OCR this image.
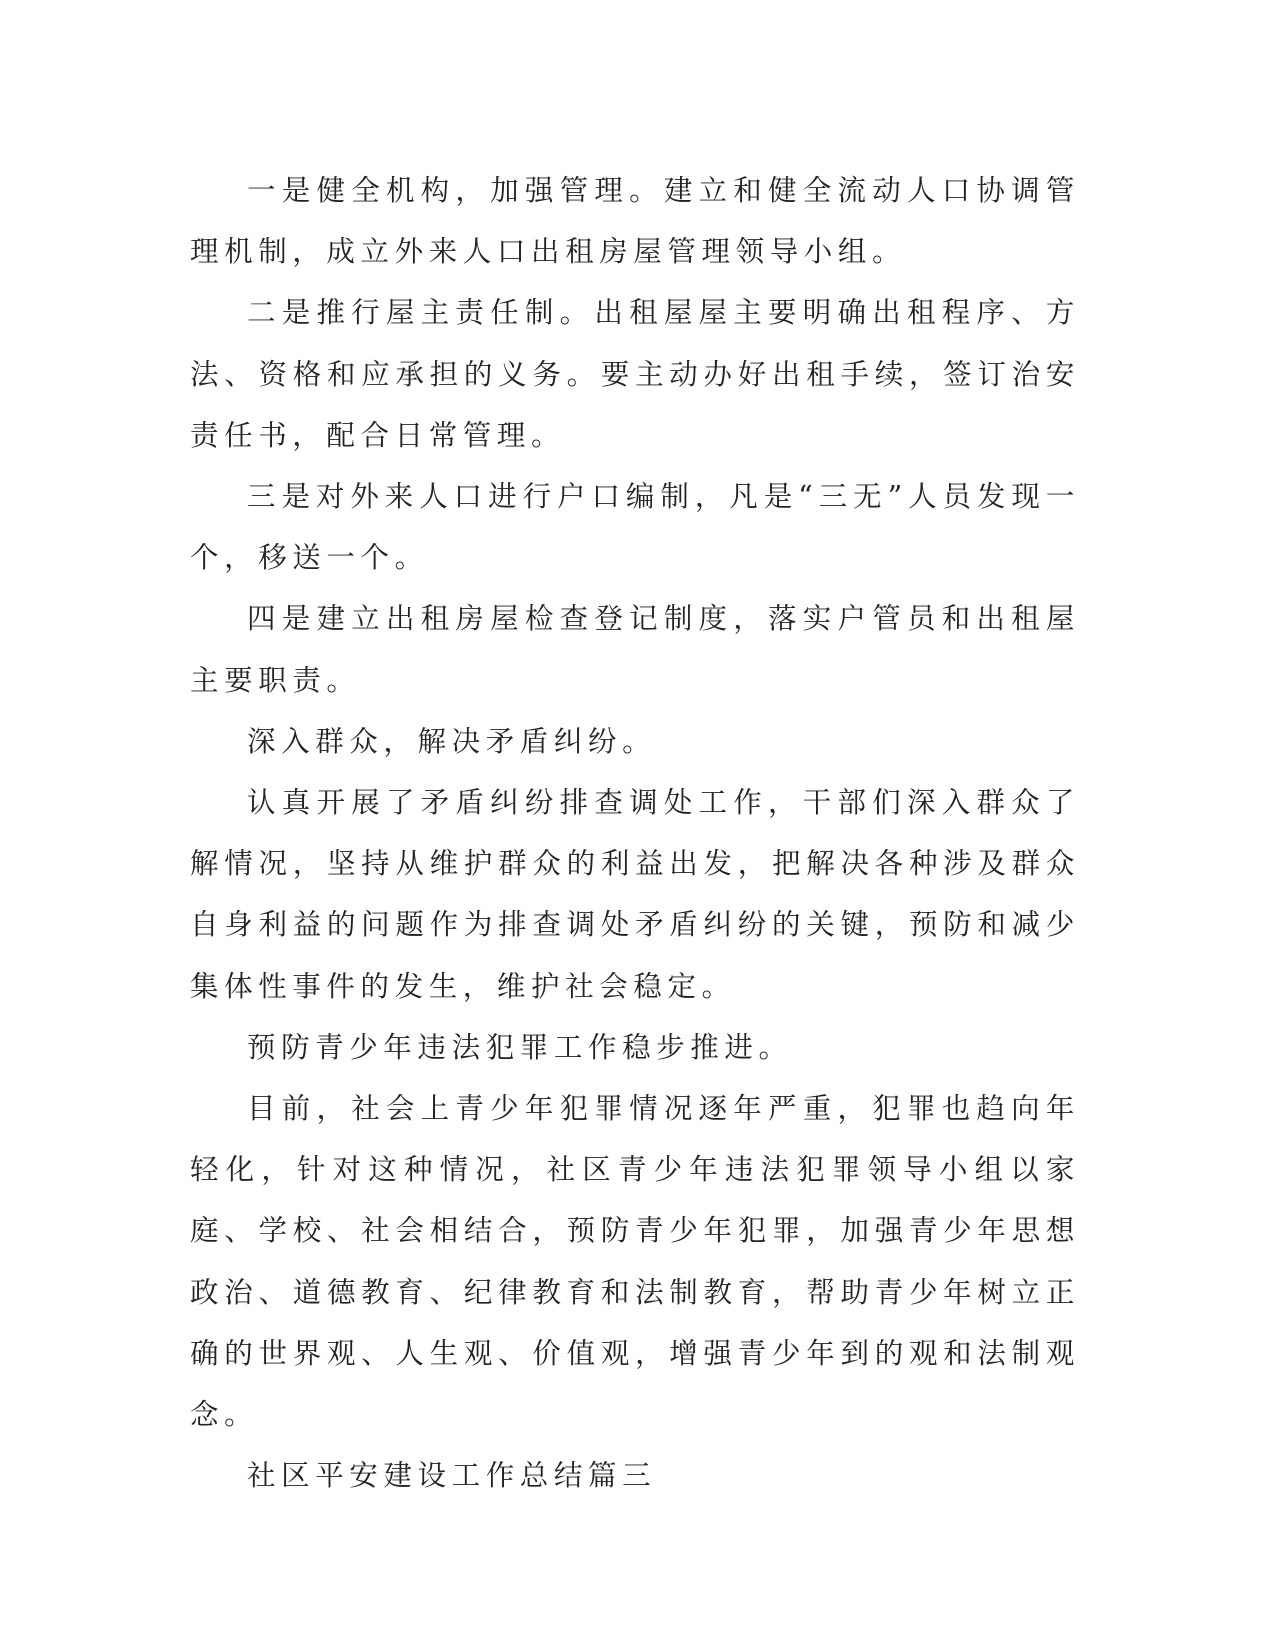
一是健全机构，加强管理。建立和健全流动人口协调管理机制，成立外来人口出租房屋管理领导小组。

二是推行屋主责任制。出租屋屋主要明确出租程序、方法、资格和应承担的义务。要主动办好出租手续，签订治安责任书，配合日常管理。

三是对外来人口进行户口编制，凡是“三无”人员发现一个，移送一个。

四是建立出租房屋检查登记制度，落实户管员和出租屋主要职责。

深入群众，解决矛盾纠纷。

认真开展了矛盾纠纷排查调处工作，干部们深入群众了解情况，坚持从维护群众的利益出发，把解决各种涉及群众自身利益的问题作为排查调处矛盾纠纷的关键，预防和减少集体性事件的发生，维护社会稳定。

预防青少年违法犯罪工作稳步推进。

目前，社会上青少年犯罪情况逐年严重，犯罪也趋向年轻化，针对这种情况，社区青少年违法犯罪领导小组以家庭、学校、社会相结合，预防青少年犯罪，加强青少年思想政治、道德教育、纪律教育和法制教育，帮助青少年树立正确的世界观、人生观、价值观，增强青少年到的观和法制观念。

社区平安建设工作总结篇三
